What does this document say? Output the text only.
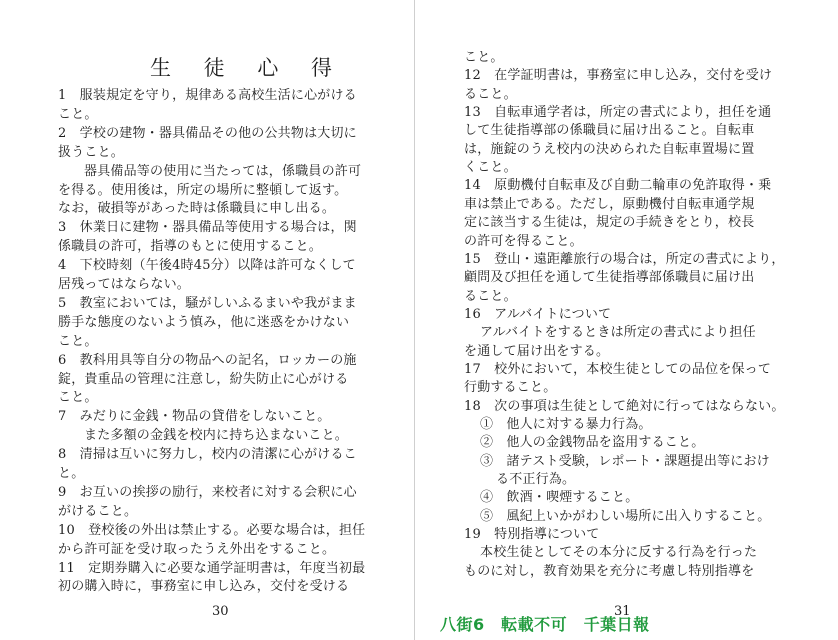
生 徒 心 得
1　服装規定を守り，規律ある高校生活に心がける
こと。
2　学校の建物・器具備品その他の公共物は大切に
扱うこと。
器具備品等の使用に当たっては，係職員の許可
を得る。使用後は，所定の場所に整頓して返す。
なお，破損等があった時は係職員に申し出る。
3　休業日に建物・器具備品等使用する場合は，関
係職員の許可，指導のもとに使用すること。
4　下校時刻（午後4時45分）以降は許可なくして
居残ってはならない。
5　教室においては，騒がしいふるまいや我がまま
勝手な態度のないよう慎み，他に迷惑をかけない
こと。
6　教科用具等自分の物品への記名，ロッカーの施
錠，貴重品の管理に注意し，紛失防止に心がける
こと。
7　みだりに金銭・物品の貸借をしないこと。
また多額の金銭を校内に持ち込まないこと。
8　清掃は互いに努力し，校内の清潔に心がけるこ
と。
9　お互いの挨拶の励行，来校者に対する会釈に心
がけること。
10　登校後の外出は禁止する。必要な場合は，担任
から許可証を受け取ったうえ外出をすること。
11　定期券購入に必要な通学証明書は，年度当初最
初の購入時に，事務室に申し込み，交付を受ける
30
こと。
12　在学証明書は，事務室に申し込み，交付を受け
ること。
13　自転車通学者は，所定の書式により，担任を通
して生徒指導部の係職員に届け出ること。自転車
は，施錠のうえ校内の決められた自転車置場に置
くこと。
14　原動機付自転車及び自動二輪車の免許取得・乗
車は禁止である。ただし，原動機付自転車通学規
定に該当する生徒は，規定の手続きをとり，校長
の許可を得ること。
15　登山・遠距離旅行の場合は，所定の書式により，
顧問及び担任を通して生徒指導部係職員に届け出
ること。
16　アルバイトについて
アルバイトをするときは所定の書式により担任
を通して届け出をする。
17　校外において，本校生徒としての品位を保って
行動すること。
18　次の事項は生徒として絶対に行ってはならない。
①　他人に対する暴力行為。
②　他人の金銭物品を盗用すること。
③　諸テスト受験，レポート・課題提出等におけ
る不正行為。
④　飲酒・喫煙すること。
⑤　風紀上いかがわしい場所に出入りすること。
19　特別指導について
本校生徒としてその本分に反する行為を行った
ものに対し，教育効果を充分に考慮し特別指導を
31
八街6　転載不可　千葉日報
